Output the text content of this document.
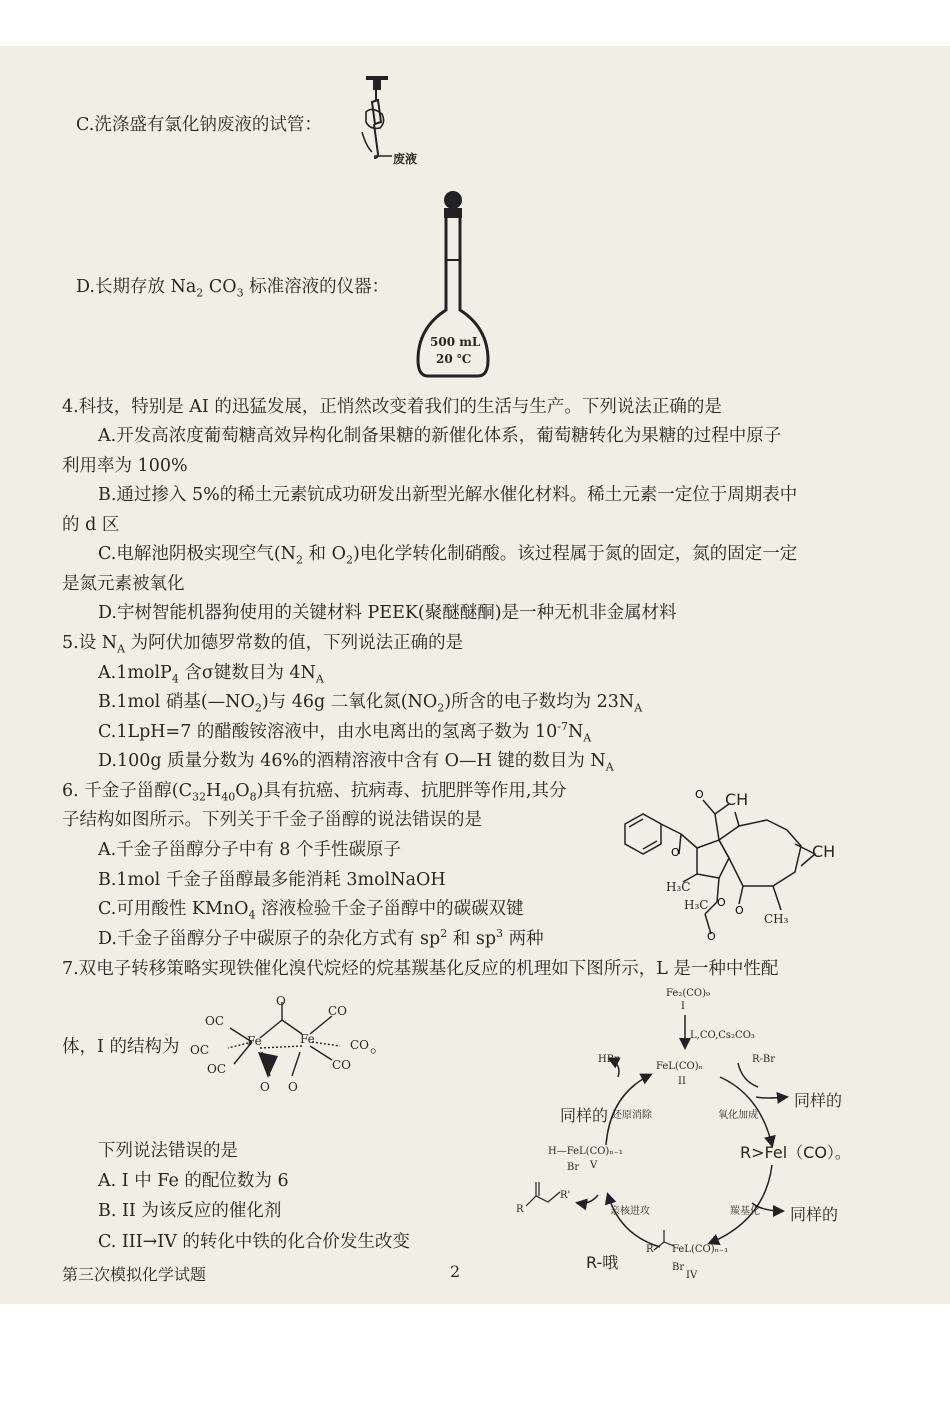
C.洗涤盛有氯化钠废液的试管：
废液
D.长期存放 $Na_2$ $CO_3$ 标准溶液的仪器：
500 mL
20 ℃
4.科技，特别是 AI 的迅猛发展，正悄然改变着我们的生活与生产。下列说法正确的是
A.开发高浓度葡萄糖高效异构化制备果糖的新催化体系，葡萄糖转化为果糖的过程中原子
利用率为 100%
B.通过掺入 5%的稀土元素钪成功研发出新型光解水催化材料。稀土元素一定位于周期表中
的 d 区
C.电解池阴极实现空气($N_2$ 和 $O_2$)电化学转化制硝酸。该过程属于氮的固定，氮的固定一定
是氮元素被氧化
D.宇树智能机器狗使用的关键材料 PEEK(聚醚醚酮)是一种无机非金属材料
5.设 $N_A$ 为阿伏加德罗常数的值，下列说法正确的是
A.1molP$_4$ 含σ键数目为 $4N_A$
B.1mol 硝基$(—NO_2)$与 46g 二氧化氮$(NO_2)$所含的电子数均为 $23N_A$
C.1LpH=7 的醋酸铵溶液中，由水电离出的氢离子数为 $10^{-7}N_A$
D.100g 质量分数为 46%的酒精溶液中含有 O—H 键的数目为 $N_A$
6. 千金子甾醇$(C_{32}H_{40}O_8)$具有抗癌、抗病毒、抗肥胖等作用,其分
子结构如图所示。下列关于千金子甾醇的说法错误的是
A.千金子甾醇分子中有 8 个手性碳原子
B.1mol 千金子甾醇最多能消耗 3molNaOH
C.可用酸性 KMnO$_4$ 溶液检验千金子甾醇中的碳碳双键
D.千金子甾醇分子中碳原子的杂化方式有 $sp^2$ 和 $sp^3$ 两种
O
O
O
O
O
CH
CH
H₃C
H₃C
CH₃
7.双电子转移策略实现铁催化溴代烷烃的烷基羰基化反应的机理如下图所示，L 是一种中性配
体，I 的结构为
OC
OC
OC
Fe	Fe
O
CO
CO
CO
O O
。
下列说法错误的是
A. I 中 Fe 的配位数为 6
B. II 为该反应的催化剂
C. III→IV 的转化中铁的化合价发生改变
Fe₂(CO)₉
I
L,CO,Cs₂CO₃
FeL(CO)ₙ
II
HBr	R-Br
还原消除	氧化加成
H—FeL(CO)ₙ₋₁
Br V
羰基化
亲核进攻
FeL(CO)ₙ₋₁
Br
IV
R
R'
R
同样的
同样的
R>Fel（CO）。
同样的
R-哦
第三次模拟化学试题	2
